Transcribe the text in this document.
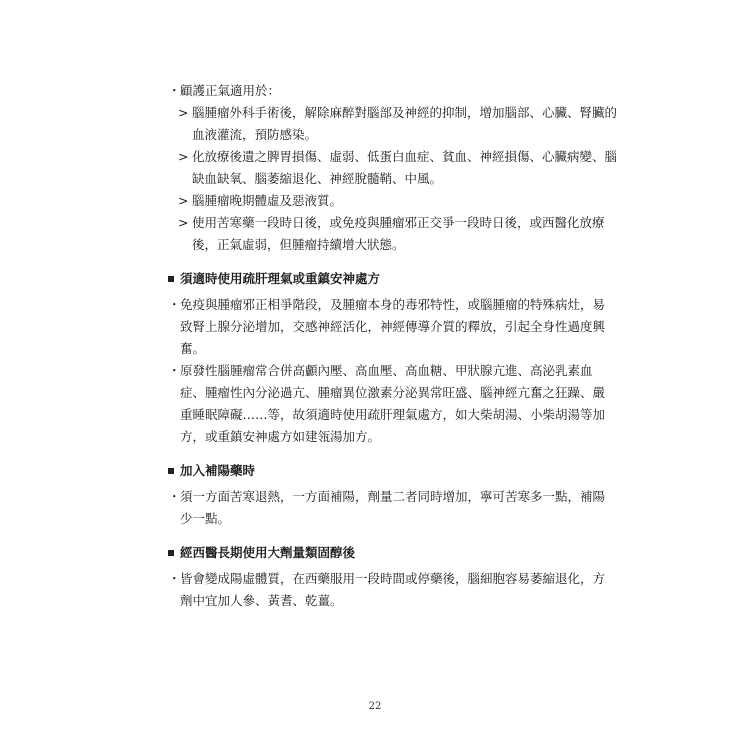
・ 顧護正氣適用於：
> 腦腫瘤外科手術後，解除麻醉對腦部及神經的抑制，增加腦部、心臟、腎臟的
血液灌流，預防感染。
> 化放療後遺之脾胃損傷、虛弱、低蛋白血症、貧血、神經損傷、心臟病變、腦
缺血缺氧、腦萎縮退化、神經脫髓鞘、中風。
> 腦腫瘤晚期體虛及惡液質。
> 使用苦寒藥一段時日後，或免疫與腫瘤邪正交爭一段時日後，或西醫化放療
後，正氣虛弱，但腫瘤持續增大狀態。
須適時使用疏肝理氣或重鎮安神處方
・ 免疫與腫瘤邪正相爭階段，及腫瘤本身的毒邪特性，或腦腫瘤的特殊病灶，易
致腎上腺分泌增加，交感神經活化，神經傳導介質的釋放，引起全身性過度興
奮。
・ 原發性腦腫瘤常合併高顱內壓、高血壓、高血糖、甲狀腺亢進、高泌乳素血
症、腫瘤性內分泌過亢、腫瘤異位激素分泌異常旺盛、腦神經亢奮之狂躁、嚴
重睡眠障礙……等，故須適時使用疏肝理氣處方，如大柴胡湯、小柴胡湯等加
方，或重鎮安神處方如建瓴湯加方。
加入補陽藥時
・ 須一方面苦寒退熱，一方面補陽，劑量二者同時增加，寧可苦寒多一點，補陽
少一點。
經西醫長期使用大劑量類固醇後
・ 皆會變成陽虛體質，在西藥服用一段時間或停藥後，腦細胞容易萎縮退化，方
劑中宜加人參、黃耆、乾薑。
22
